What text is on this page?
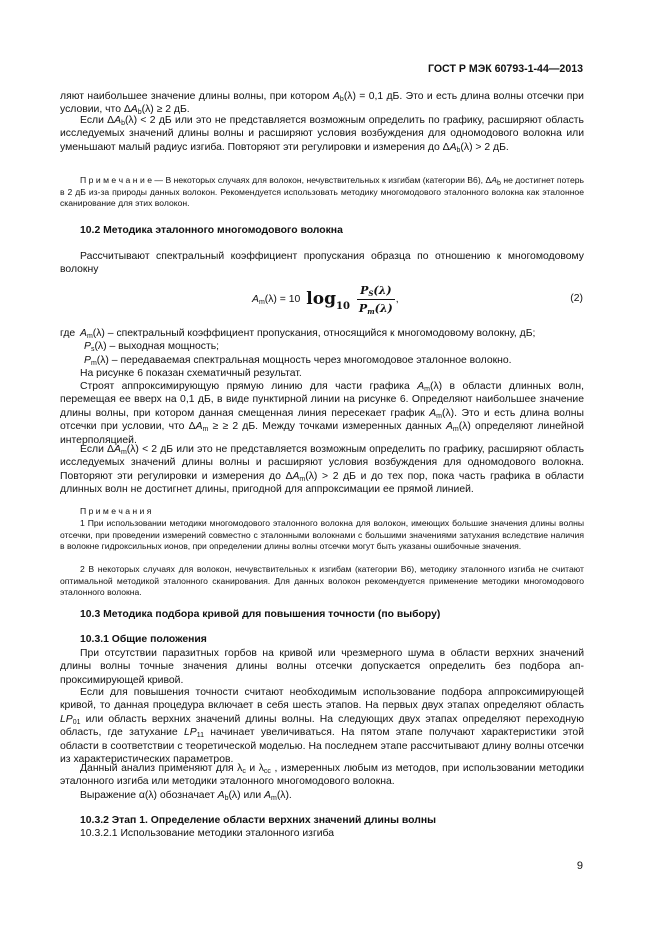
ГОСТ Р МЭК 60793-1-44—2013
ляют наибольшее значение длины волны, при котором $A_b(\lambda) = 0,1$ дБ. Это и есть длина волны отсечки при условии, что $\Delta A_b(\lambda) \ge 2$ дБ.
Если $\Delta A_b(\lambda) < 2$ дБ или это не представляется возможным определить по графику, расширяют область исследуемых значений длины волны и расширяют условия возбуждения для одномодового волокна или уменьшают малый радиус изгиба. Повторяют эти регулировки и измерения до $\Delta A_b(\lambda) > 2$ дБ.
П р и м е ч а н и е — В некоторых случаях для волокон, нечувствительных к изгибам (категории B6), $\Delta A_b$ не достигнет потерь в 2 дБ из-за природы данных волокон. Рекомендуется использовать методику многомодового эталонного волокна как эталонное сканирование для этих волокон.
10.2 Методика эталонного многомодового волокна
Рассчитывают спектральный коэффициент пропускания образца по отношению к многомодовому волокну
$A_m(\lambda) = 10$ $\log_{10} \frac{P_S(\lambda)}{P_m(\lambda)}$ ,	(2)
где $A_m(\lambda)$ – спектральный коэффициент пропускания, относящийся к многомодовому волокну, дБ;
$P_s(\lambda)$ – выходная мощность;
$P_m(\lambda)$ – передаваемая спектральная мощность через многомодовое эталонное волокно.
На рисунке 6 показан схематичный результат.
Строят аппроксимирующую прямую линию для части графика $A_m(\lambda)$ в области длинных волн, перемещая ее вверх на 0,1 дБ, в виде пунктирной линии на рисунке 6. Определяют наибольшее значение длины волны, при котором данная смещенная линия пересекает график $A_m(\lambda)$. Это и есть длина волны отсечки при условии, что $\Delta A_m$ ≥ ≥ 2 дБ. Между точками измеренных данных $A_m(\lambda)$ определяют линейной интерполяцией.
Если $\Delta A_m(\lambda) < 2$ дБ или это не представляется возможным определить по графику, расширяют область исследуемых значений длины волны и расширяют условия возбуждения для одномодового волокна. Повторяют эти регулировки и измерения до $\Delta A_m(\lambda) > 2$ дБ и до тех пор, пока часть графика в области длинных волн не достигнет длины, пригодной для аппроксимации ее прямой линией.
П р и м е ч а н и я
1 При использовании методики многомодового эталонного волокна для волокон, имеющих большие значения длины волны отсечки, при проведении измерений совместно с эталонными волокнами с большими значениями затухания вследствие наличия в волокне гидроксильных ионов, при определении длины волны отсечки могут быть указаны ошибочные значения.
2 В некоторых случаях для волокон, нечувствительных к изгибам (категории B6), методику эталонного изгиба не считают оптимальной методикой эталонного сканирования. Для данных волокон рекомендуется применение методики многомодового эталонного волокна.
10.3 Методика подбора кривой для повышения точности (по выбору)
10.3.1 Общие положения
При отсутствии паразитных горбов на кривой или чрезмерного шума в области верхних значений длины волны точные значения длины волны отсечки допускается определить без подбора аппроксимирующей кривой.
Если для повышения точности считают необходимым использование подбора аппроксимирующей кривой, то данная процедура включает в себя шесть этапов. На первых двух этапах определяют область $LP_{01}$ или область верхних значений длины волны. На следующих двух этапах определяют переходную область, где затухание $LP_{11}$ начинает увеличиваться. На пятом этапе получают характеристики этой области в соответствии с теоретической моделью. На последнем этапе рассчитывают длину волны отсечки из характеристических параметров.
Данный анализ применяют для $\lambda_c$ и $\lambda_{cc}$ , измеренных любым из методов, при использовании методики эталонного изгиба или методики эталонного многомодового волокна.
Выражение α(λ) обозначает $A_b(\lambda)$ или $A_m(\lambda)$.
10.3.2 Этап 1. Определение области верхних значений длины волны
10.3.2.1 Использование методики эталонного изгиба
9
